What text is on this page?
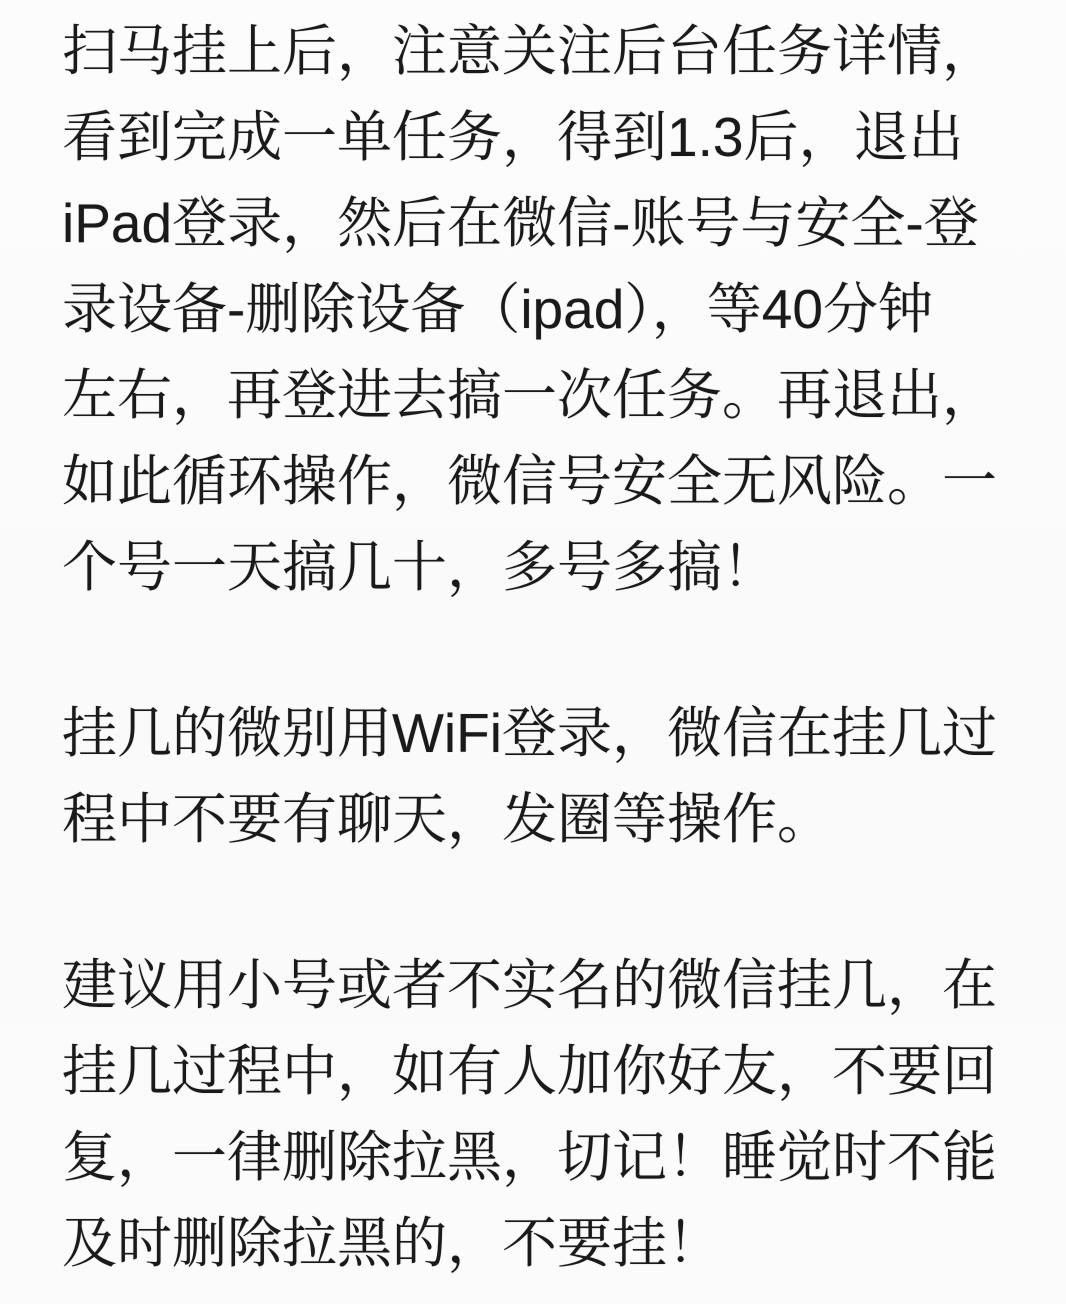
扫马挂上后，注意关注后台任务详情，
看到完成一单任务，得到1.3后，退出
iPad登录，然后在微信-账号与安全-登
录设备-删除设备（ipad），等40分钟
左右，再登进去搞一次任务。再退出，
如此循环操作，微信号安全无风险。一
个号一天搞几十，多号多搞！
挂几的微别用WiFi登录，微信在挂几过
程中不要有聊天，发圈等操作。
建议用小号或者不实名的微信挂几，在
挂几过程中，如有人加你好友，不要回
复，一律删除拉黑，切记！睡觉时不能
及时删除拉黑的，不要挂！
